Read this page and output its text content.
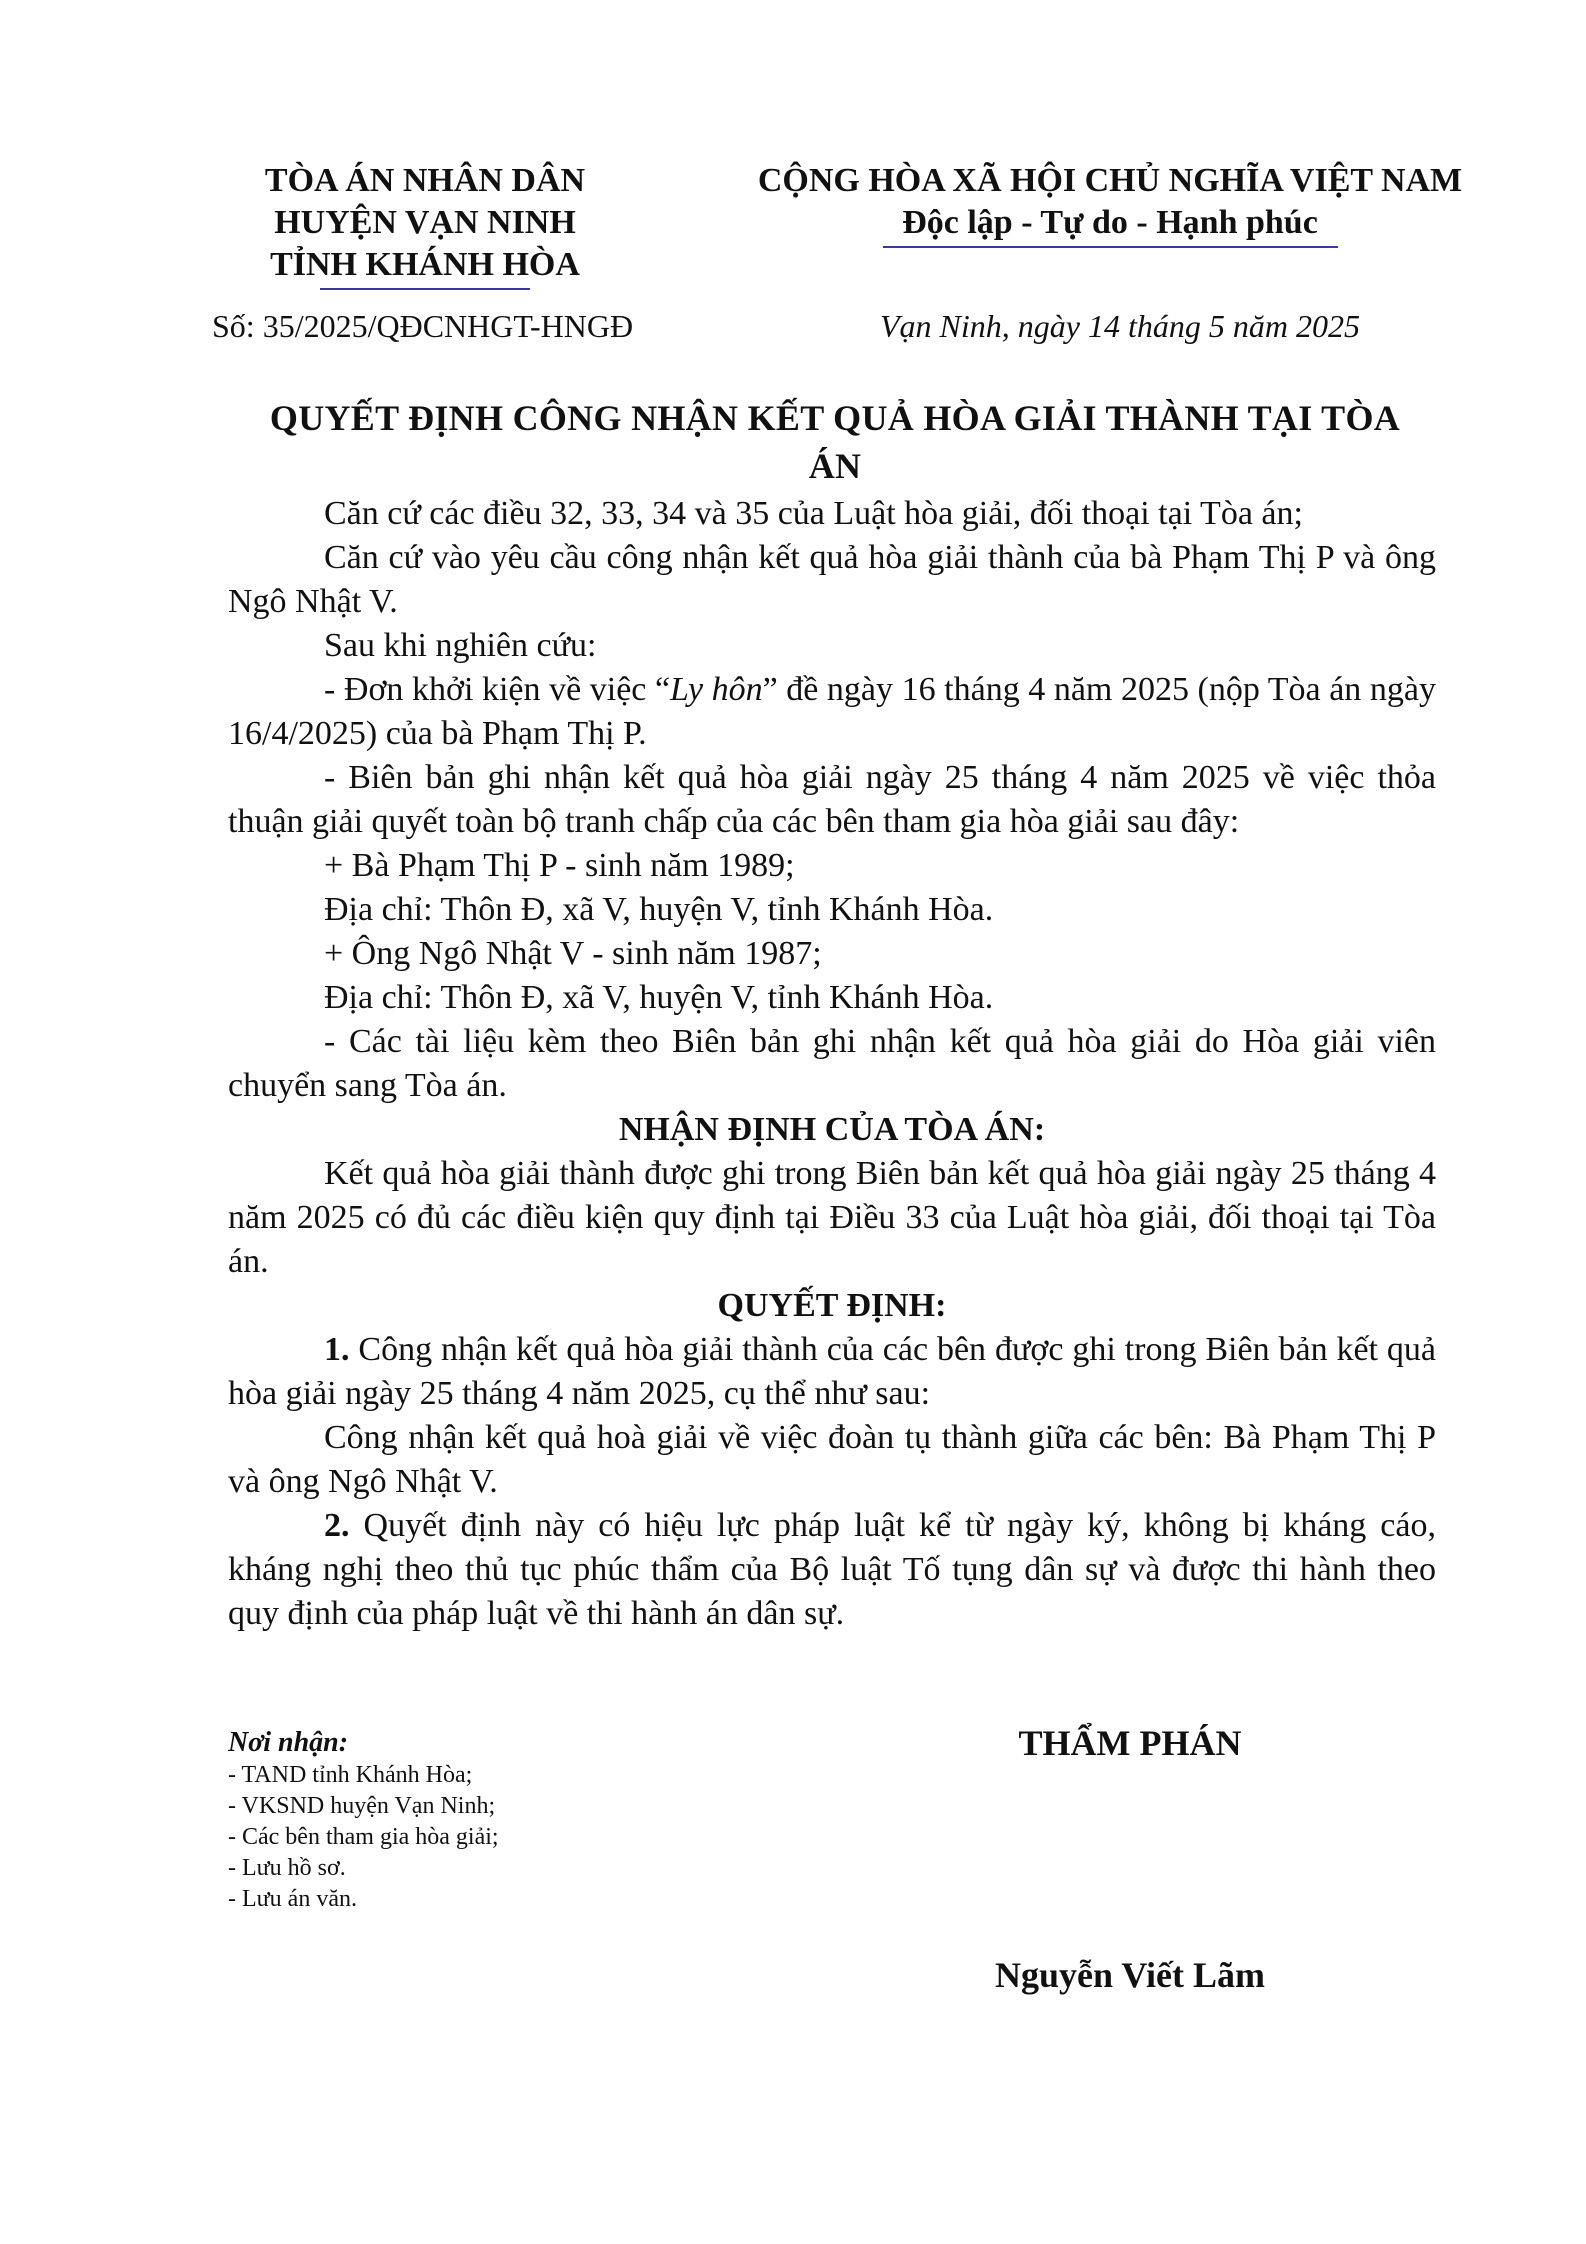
TÒA ÁN NHÂN DÂN
HUYỆN VẠN NINH
TỈNH KHÁNH HÒA
CỘNG HÒA XÃ HỘI CHỦ NGHĨA VIỆT NAM
Độc lập - Tự do - Hạnh phúc
Số: 35/2025/QĐCNHGT-HNGĐ	Vạn Ninh, ngày 14 tháng 5 năm 2025
QUYẾT ĐỊNH CÔNG NHẬN KẾT QUẢ HÒA GIẢI THÀNH TẠI TÒA ÁN

Căn cứ các điều 32, 33, 34 và 35 của Luật hòa giải, đối thoại tại Tòa án;

Căn cứ vào yêu cầu công nhận kết quả hòa giải thành của bà Phạm Thị P và ông Ngô Nhật V.

Sau khi nghiên cứu:

- Đơn khởi kiện về việc “Ly hôn” đề ngày 16 tháng 4 năm 2025 (nộp Tòa án ngày 16/4/2025) của bà Phạm Thị P.

- Biên bản ghi nhận kết quả hòa giải ngày 25 tháng 4 năm 2025 về việc thỏa thuận giải quyết toàn bộ tranh chấp của các bên tham gia hòa giải sau đây:

+ Bà Phạm Thị P - sinh năm 1989;

Địa chỉ: Thôn Đ, xã V, huyện V, tỉnh Khánh Hòa.

+ Ông Ngô Nhật V - sinh năm 1987;

Địa chỉ: Thôn Đ, xã V, huyện V, tỉnh Khánh Hòa.

- Các tài liệu kèm theo Biên bản ghi nhận kết quả hòa giải do Hòa giải viên chuyển sang Tòa án.

NHẬN ĐỊNH CỦA TÒA ÁN:

Kết quả hòa giải thành được ghi trong Biên bản kết quả hòa giải ngày 25 tháng 4 năm 2025 có đủ các điều kiện quy định tại Điều 33 của Luật hòa giải, đối thoại tại Tòa án.

QUYẾT ĐỊNH:

1. Công nhận kết quả hòa giải thành của các bên được ghi trong Biên bản kết quả hòa giải ngày 25 tháng 4 năm 2025, cụ thể như sau:

Công nhận kết quả hoà giải về việc đoàn tụ thành giữa các bên: Bà Phạm Thị P và ông Ngô Nhật V.

2. Quyết định này có hiệu lực pháp luật kể từ ngày ký, không bị kháng cáo, kháng nghị theo thủ tục phúc thẩm của Bộ luật Tố tụng dân sự và được thi hành theo quy định của pháp luật về thi hành án dân sự.

Nơi nhận:
- TAND tỉnh Khánh Hòa;
- VKSND huyện Vạn Ninh;
- Các bên tham gia hòa giải;
- Lưu hồ sơ.
- Lưu án văn.
THẨM PHÁN
Nguyễn Viết Lãm
